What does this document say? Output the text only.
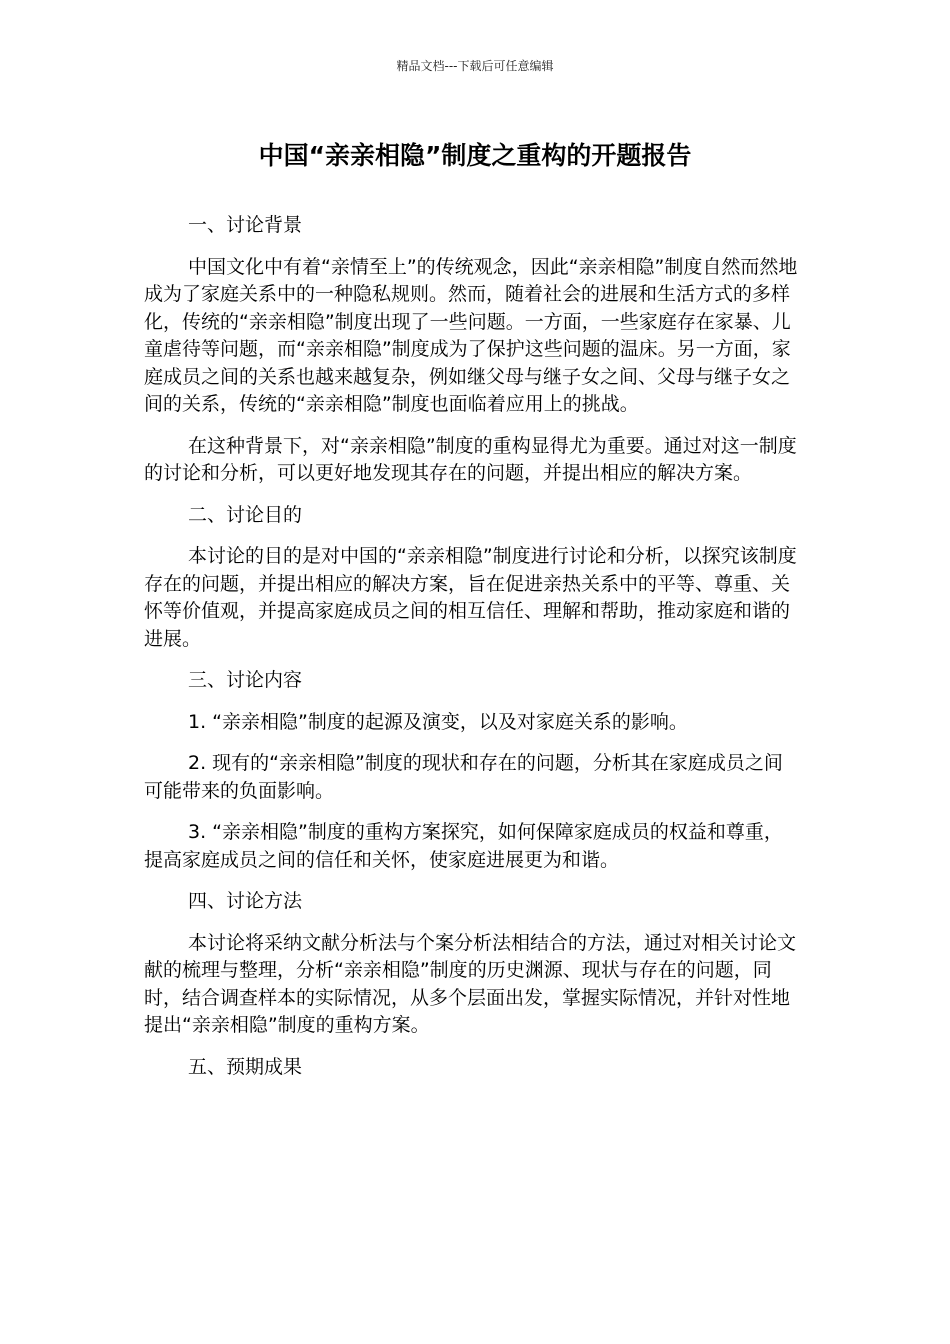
精品文档---下载后可任意编辑
中国“亲亲相隐”制度之重构的开题报告

一、讨论背景

中国文化中有着“亲情至上”的传统观念，因此“亲亲相隐”制度自然而然地成为了家庭关系中的一种隐私规则。然而，随着社会的进展和生活方式的多样化，传统的“亲亲相隐”制度出现了一些问题。一方面，一些家庭存在家暴、儿童虐待等问题，而“亲亲相隐”制度成为了保护这些问题的温床。另一方面，家庭成员之间的关系也越来越复杂，例如继父母与继子女之间、父母与继子女之间的关系，传统的“亲亲相隐”制度也面临着应用上的挑战。

在这种背景下，对“亲亲相隐”制度的重构显得尤为重要。通过对这一制度的讨论和分析，可以更好地发现其存在的问题，并提出相应的解决方案。

二、讨论目的

本讨论的目的是对中国的“亲亲相隐”制度进行讨论和分析，以探究该制度存在的问题，并提出相应的解决方案，旨在促进亲热关系中的平等、尊重、关怀等价值观，并提高家庭成员之间的相互信任、理解和帮助，推动家庭和谐的进展。

三、讨论内容

1. “亲亲相隐”制度的起源及演变，以及对家庭关系的影响。

2. 现有的“亲亲相隐”制度的现状和存在的问题，分析其在家庭成员之间可能带来的负面影响。

3. “亲亲相隐”制度的重构方案探究，如何保障家庭成员的权益和尊重，提高家庭成员之间的信任和关怀，使家庭进展更为和谐。

四、讨论方法

本讨论将采纳文献分析法与个案分析法相结合的方法，通过对相关讨论文献的梳理与整理，分析“亲亲相隐”制度的历史渊源、现状与存在的问题，同时，结合调查样本的实际情况，从多个层面出发，掌握实际情况，并针对性地提出“亲亲相隐”制度的重构方案。

五、预期成果
